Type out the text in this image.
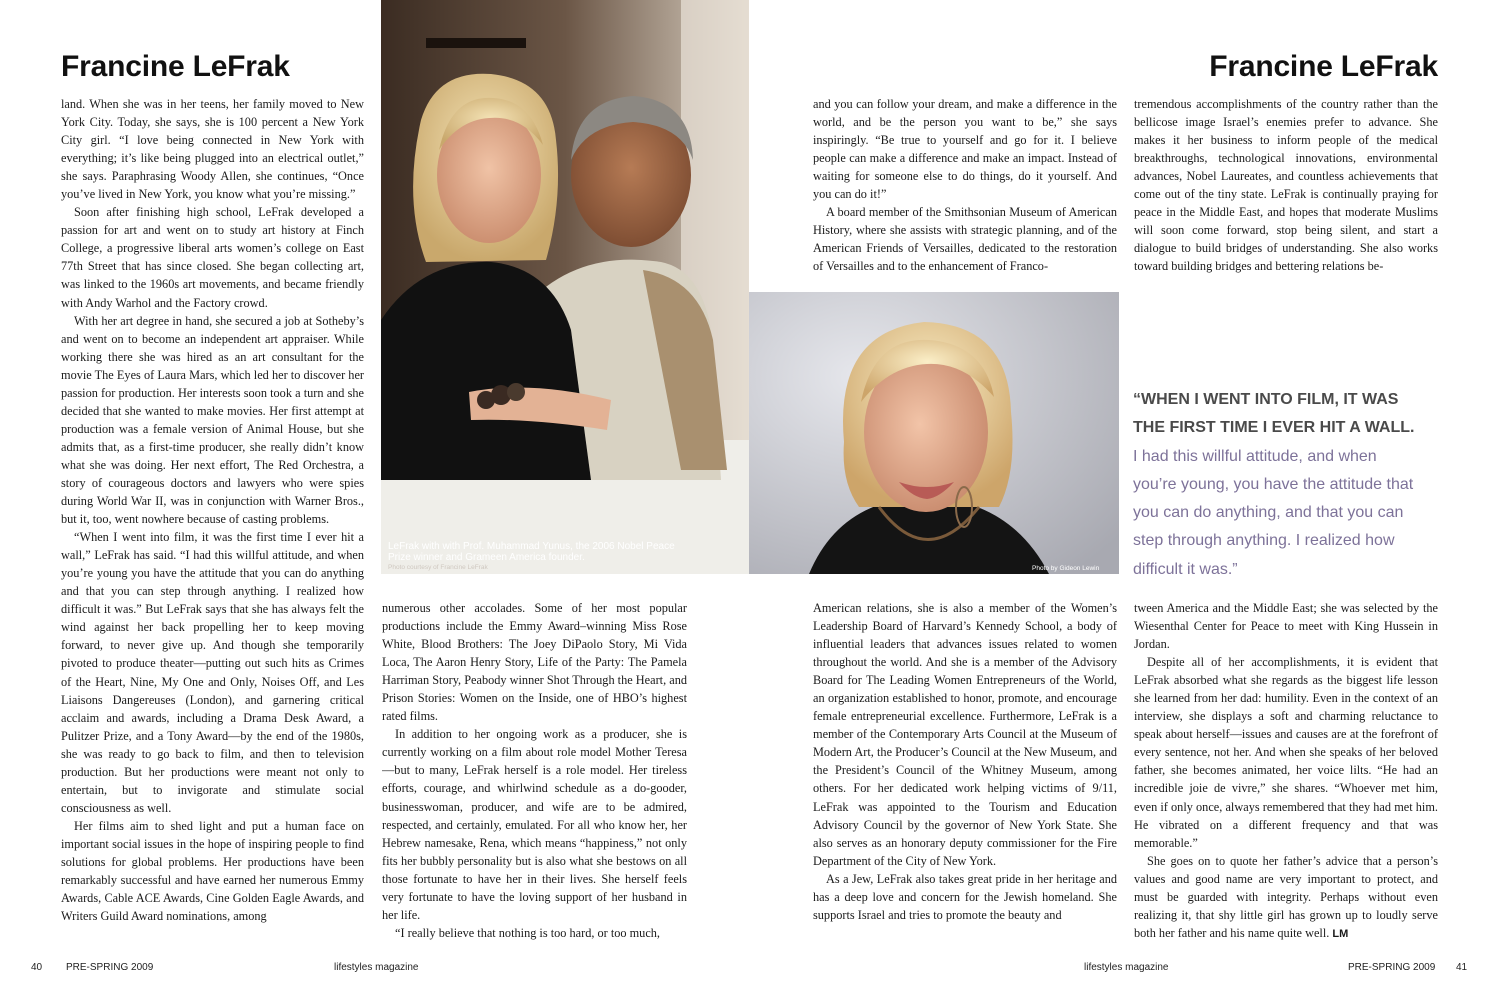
Francine LeFrak	Francine LeFrak

land. When she was in her teens, her family moved to New York City. Today, she says, she is 100 percent a New York City girl. “I love being connected in New York with everything; it’s like being plugged into an electrical outlet,” she says. Paraphrasing Woody Allen, she continues, “Once you’ve lived in New York, you know what you’re missing.”

Soon after finishing high school, LeFrak developed a passion for art and went on to study art history at Finch College, a progressive liberal arts women’s college on East 77th Street that has since closed. She began collecting art, was linked to the 1960s art movements, and became friendly with Andy Warhol and the Factory crowd.

With her art degree in hand, she secured a job at Sotheby’s and went on to become an independent art appraiser. While working there she was hired as an art consultant for the movie The Eyes of Laura Mars, which led her to discover her passion for production. Her interests soon took a turn and she decided that she wanted to make movies. Her first attempt at production was a female version of Animal House, but she admits that, as a first-time producer, she really didn’t know what she was doing. Her next effort, The Red Orchestra, a story of courageous doctors and lawyers who were spies during World War II, was in conjunction with Warner Bros., but it, too, went nowhere because of casting problems.

“When I went into film, it was the first time I ever hit a wall,” LeFrak has said. “I had this willful attitude, and when you’re young you have the attitude that you can do anything and that you can step through anything. I realized how difficult it was.” But LeFrak says that she has always felt the wind against her back propelling her to keep moving forward, to never give up. And though she temporarily pivoted to produce theater—putting out such hits as Crimes of the Heart, Nine, My One and Only, Noises Off, and Les Liaisons Dangereuses (London), and garnering critical acclaim and awards, including a Drama Desk Award, a Pulitzer Prize, and a Tony Award—by the end of the 1980s, she was ready to go back to film, and then to television production. But her productions were meant not only to entertain, but to invigorate and stimulate social consciousness as well.

Her films aim to shed light and put a human face on important social issues in the hope of inspiring people to find solutions for global problems. Her productions have been remarkably successful and have earned her numerous Emmy Awards, Cable ACE Awards, Cine Golden Eagle Awards, and Writers Guild Award nominations, among

LeFrak with with Prof. Muhammad Yunus, the 2006 Nobel Peace Prize winner and Grameen America founder.
Photo courtesy of Francine LeFrak

numerous other accolades. Some of her most popular productions include the Emmy Award–winning Miss Rose White, Blood Brothers: The Joey DiPaolo Story, Mi Vida Loca, The Aaron Henry Story, Life of the Party: The Pamela Harriman Story, Peabody winner Shot Through the Heart, and Prison Stories: Women on the Inside, one of HBO’s highest rated films.

In addition to her ongoing work as a producer, she is currently working on a film about role model Mother Teresa—but to many, LeFrak herself is a role model. Her tireless efforts, courage, and whirlwind schedule as a do-gooder, businesswoman, producer, and wife are to be admired, respected, and certainly, emulated. For all who know her, her Hebrew namesake, Rena, which means “happiness,” not only fits her bubbly personality but is also what she bestows on all those fortunate to have her in their lives. She herself feels very fortunate to have the loving support of her husband in her life.

“I really believe that nothing is too hard, or too much,

and you can follow your dream, and make a difference in the world, and be the person you want to be,” she says inspiringly. “Be true to yourself and go for it. I believe people can make a difference and make an impact. Instead of waiting for someone else to do things, do it yourself. And you can do it!”

A board member of the Smithsonian Museum of American History, where she assists with strategic planning, and of the American Friends of Versailles, dedicated to the restoration of Versailles and to the enhancement of Franco-

tremendous accomplishments of the country rather than the bellicose image Israel’s enemies prefer to advance. She makes it her business to inform people of the medical breakthroughs, technological innovations, environmental advances, Nobel Laureates, and countless achievements that come out of the tiny state. LeFrak is continually praying for peace in the Middle East, and hopes that moderate Muslims will soon come forward, stop being silent, and start a dialogue to build bridges of understanding. She also works toward building bridges and bettering relations be-

Photo by Gideon Lewin
“WHEN I WENT INTO FILM, IT WAS THE FIRST TIME I EVER HIT A WALL.
I had this willful attitude, and when you’re young, you have the attitude that you can do anything, and that you can step through anything. I realized how difficult it was.”

American relations, she is also a member of the Women’s Leadership Board of Harvard’s Kennedy School, a body of influential leaders that advances issues related to women throughout the world. And she is a member of the Advisory Board for The Leading Women Entrepreneurs of the World, an organization established to honor, promote, and encourage female entrepreneurial excellence. Furthermore, LeFrak is a member of the Contemporary Arts Council at the Museum of Modern Art, the Producer’s Council at the New Museum, and the President’s Council of the Whitney Museum, among others. For her dedicated work helping victims of 9/11, LeFrak was appointed to the Tourism and Education Advisory Council by the governor of New York State. She also serves as an honorary deputy commissioner for the Fire Department of the City of New York.

As a Jew, LeFrak also takes great pride in her heritage and has a deep love and concern for the Jewish homeland. She supports Israel and tries to promote the beauty and

tween America and the Middle East; she was selected by the Wiesenthal Center for Peace to meet with King Hussein in Jordan.

Despite all of her accomplishments, it is evident that LeFrak absorbed what she regards as the biggest life lesson she learned from her dad: humility. Even in the context of an interview, she displays a soft and charming reluctance to speak about herself—issues and causes are at the forefront of every sentence, not her. And when she speaks of her beloved father, she becomes animated, her voice lilts. “He had an incredible joie de vivre,” she shares. “Whoever met him, even if only once, always remembered that they had met him. He vibrated on a different frequency and that was memorable.”

She goes on to quote her father’s advice that a person’s values and good name are very important to protect, and must be guarded with integrity. Perhaps without even realizing it, that shy little girl has grown up to loudly serve both her father and his name quite well. LM

40 PRE-SPRING 2009	lifestyles magazine	lifestyles magazine	PRE-SPRING 2009 41
